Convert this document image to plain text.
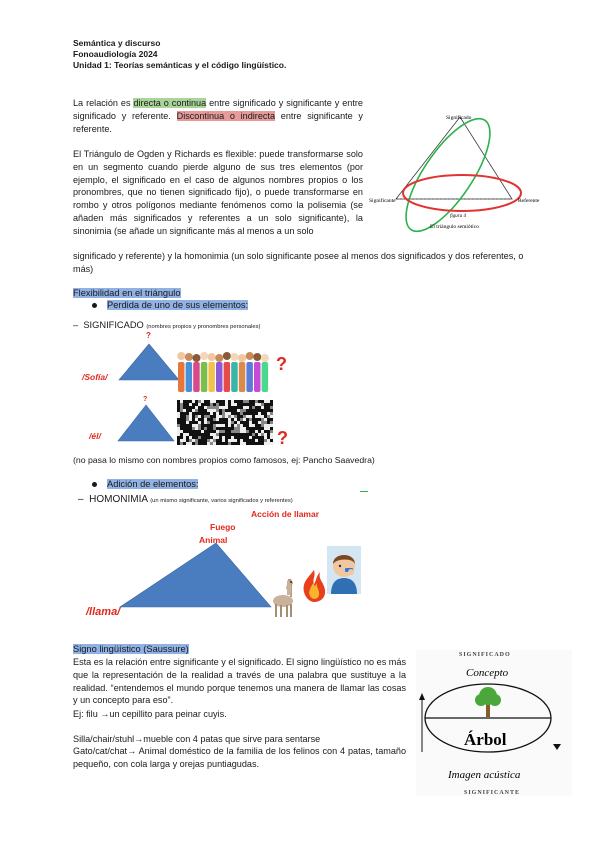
Semántica y discurso
Fonoaudiología 2024
Unidad 1: Teorías semánticas y el código lingüístico.
La relación es directa o continua entre significado y significante y entre significado y referente. Discontinua o indirecta entre significante y referente.
El Triángulo de Ogden y Richards es flexible: puede transformarse solo en un segmento cuando pierde alguno de sus tres elementos (por ejemplo, el significado en el caso de algunos nombres propios o los pronombres, que no tienen significado fijo), o puede transformarse en rombo y otros polígonos mediante fenómenos como la polisemia (se añaden más significados y referentes a un solo significante), la sinonimia (se añade un significante más al menos a un solo
significado y referente) y la homonimia (un solo significante posee al menos dos significados y dos referentes, o más)
Significado
Significante	Referente
figura 4
El triángulo semiótico
Flexibilidad en el triángulo
Perdida de uno de sus elementos:
– SIGNIFICADO (nombres propios y pronombres personales)
?
/Sofía/
?
?
/él/	?
(no pasa lo mismo con nombres propios como famosos, ej: Pancho Saavedra)
Adición de elementos:
– HOMONIMIA (un mismo significante, varios significados y referentes)
Acción de llamar
Fuego
Animal
/llama/
Signo lingüístico (Saussure)
Esta es la relación entre significante y el significado. El signo lingüístico no es más que la representación de la realidad a través de una palabra que sustituye a la realidad. “entendemos el mundo porque tenemos una manera de llamar las cosas y un concepto para eso”.
Ej: filu →un cepillito para peinar cuyis.
Silla/chair/stuhl→mueble con 4 patas que sirve para sentarse
Gato/cat/chat→ Animal doméstico de la familia de los felinos con 4 patas, tamaño pequeño, con cola larga y orejas puntiagudas.
SIGNIFICADO
Concepto
Árbol
Imagen acústica
SIGNIFICANTE
